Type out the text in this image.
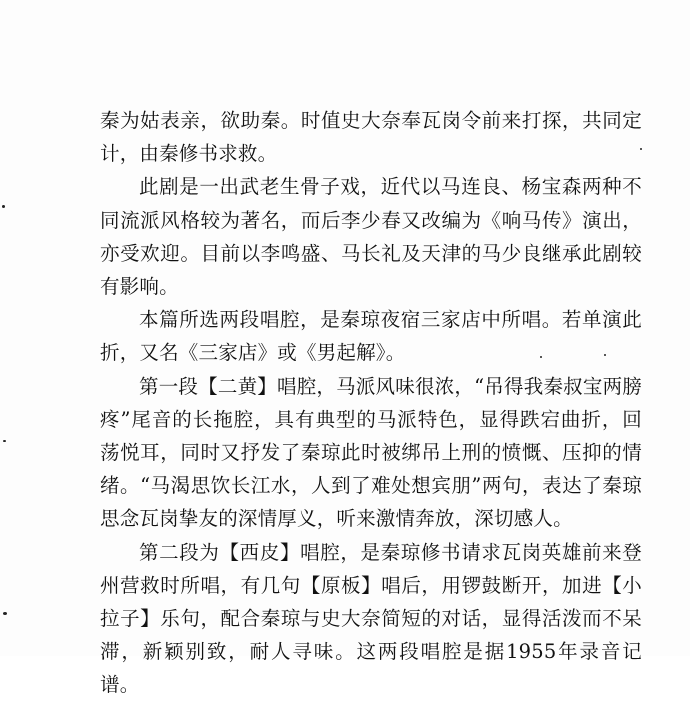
秦为姑表亲，欲助秦。时值史大奈奉瓦岗令前来打探，共同定计，由秦修书求救。

此剧是一出武老生骨子戏，近代以马连良、杨宝森两种不同流派风格较为著名，而后李少春又改编为《响马传》演出，亦受欢迎。目前以李鸣盛、马长礼及天津的马少良继承此剧较有影响。

本篇所选两段唱腔，是秦琼夜宿三家店中所唱。若单演此折，又名《三家店》或《男起解》。

第一段【二黄】唱腔，马派风味很浓，“吊得我秦叔宝两膀疼”尾音的长拖腔，具有典型的马派特色，显得跌宕曲折，回荡悦耳，同时又抒发了秦琼此时被绑吊上刑的愤慨、压抑的情绪。“马渴思饮长江水，人到了难处想宾朋”两句，表达了秦琼思念瓦岗挚友的深情厚义，听来激情奔放，深切感人。

第二段为【西皮】唱腔，是秦琼修书请求瓦岗英雄前来登州营救时所唱，有几句【原板】唱后，用锣鼓断开，加进【小拉子】乐句，配合秦琼与史大奈简短的对话，显得活泼而不呆滞，新颖别致，耐人寻味。这两段唱腔是据1955年录音记谱。
